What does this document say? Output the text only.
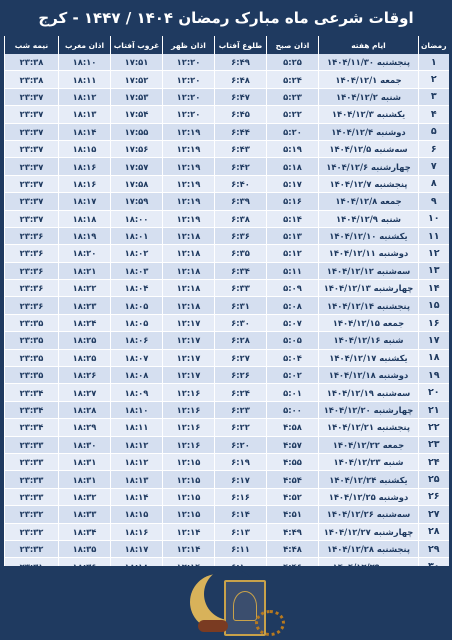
اوقات شرعی ماه مبارک رمضان ۱۴۰۴ / ۱۴۴۷ - کرج
رمضان	ایام هفته	اذان صبح	طلوع آفتاب	اذان ظهر	غروب آفتاب	اذان مغرب	نیمه شب
۱	پنجشنبه ۱۴۰۴/۱۱/۳۰	۵:۲۵	۶:۴۹	۱۲:۲۰	۱۷:۵۱	۱۸:۱۰	۲۳:۳۸
۲	جمعه ۱۴۰۴/۱۲/۱	۵:۲۴	۶:۴۸	۱۲:۲۰	۱۷:۵۲	۱۸:۱۱	۲۳:۳۸
۳	شنبه ۱۴۰۴/۱۲/۲	۵:۲۳	۶:۴۷	۱۲:۲۰	۱۷:۵۳	۱۸:۱۲	۲۳:۳۷
۴	یکشنبه ۱۴۰۴/۱۲/۳	۵:۲۲	۶:۴۵	۱۲:۲۰	۱۷:۵۴	۱۸:۱۳	۲۳:۳۷
۵	دوشنبه ۱۴۰۴/۱۲/۴	۵:۲۰	۶:۴۴	۱۲:۱۹	۱۷:۵۵	۱۸:۱۴	۲۳:۳۷
۶	سه‌شنبه ۱۴۰۴/۱۲/۵	۵:۱۹	۶:۴۳	۱۲:۱۹	۱۷:۵۶	۱۸:۱۵	۲۳:۳۷
۷	چهارشنبه ۱۴۰۴/۱۲/۶	۵:۱۸	۶:۴۲	۱۲:۱۹	۱۷:۵۷	۱۸:۱۶	۲۳:۳۷
۸	پنجشنبه ۱۴۰۴/۱۲/۷	۵:۱۷	۶:۴۰	۱۲:۱۹	۱۷:۵۸	۱۸:۱۶	۲۳:۳۷
۹	جمعه ۱۴۰۴/۱۲/۸	۵:۱۶	۶:۳۹	۱۲:۱۹	۱۷:۵۹	۱۸:۱۷	۲۳:۳۷
۱۰	شنبه ۱۴۰۴/۱۲/۹	۵:۱۴	۶:۳۸	۱۲:۱۹	۱۸:۰۰	۱۸:۱۸	۲۳:۳۷
۱۱	یکشنبه ۱۴۰۴/۱۲/۱۰	۵:۱۳	۶:۳۶	۱۲:۱۸	۱۸:۰۱	۱۸:۱۹	۲۳:۳۶
۱۲	دوشنبه ۱۴۰۴/۱۲/۱۱	۵:۱۲	۶:۳۵	۱۲:۱۸	۱۸:۰۲	۱۸:۲۰	۲۳:۳۶
۱۳	سه‌شنبه ۱۴۰۴/۱۲/۱۲	۵:۱۱	۶:۳۴	۱۲:۱۸	۱۸:۰۳	۱۸:۲۱	۲۳:۳۶
۱۴	چهارشنبه ۱۴۰۴/۱۲/۱۳	۵:۰۹	۶:۳۳	۱۲:۱۸	۱۸:۰۴	۱۸:۲۲	۲۳:۳۶
۱۵	پنجشنبه ۱۴۰۴/۱۲/۱۴	۵:۰۸	۶:۳۱	۱۲:۱۸	۱۸:۰۵	۱۸:۲۳	۲۳:۳۶
۱۶	جمعه ۱۴۰۴/۱۲/۱۵	۵:۰۷	۶:۳۰	۱۲:۱۷	۱۸:۰۵	۱۸:۲۴	۲۳:۳۵
۱۷	شنبه ۱۴۰۴/۱۲/۱۶	۵:۰۵	۶:۲۸	۱۲:۱۷	۱۸:۰۶	۱۸:۲۵	۲۳:۳۵
۱۸	یکشنبه ۱۴۰۴/۱۲/۱۷	۵:۰۴	۶:۲۷	۱۲:۱۷	۱۸:۰۷	۱۸:۲۵	۲۳:۳۵
۱۹	دوشنبه ۱۴۰۴/۱۲/۱۸	۵:۰۲	۶:۲۶	۱۲:۱۷	۱۸:۰۸	۱۸:۲۶	۲۳:۳۵
۲۰	سه‌شنبه ۱۴۰۴/۱۲/۱۹	۵:۰۱	۶:۲۴	۱۲:۱۶	۱۸:۰۹	۱۸:۲۷	۲۳:۳۴
۲۱	چهارشنبه ۱۴۰۴/۱۲/۲۰	۵:۰۰	۶:۲۳	۱۲:۱۶	۱۸:۱۰	۱۸:۲۸	۲۳:۳۴
۲۲	پنجشنبه ۱۴۰۴/۱۲/۲۱	۴:۵۸	۶:۲۲	۱۲:۱۶	۱۸:۱۱	۱۸:۲۹	۲۳:۳۴
۲۳	جمعه ۱۴۰۴/۱۲/۲۲	۴:۵۷	۶:۲۰	۱۲:۱۶	۱۸:۱۲	۱۸:۳۰	۲۳:۳۳
۲۴	شنبه ۱۴۰۴/۱۲/۲۳	۴:۵۵	۶:۱۹	۱۲:۱۵	۱۸:۱۲	۱۸:۳۱	۲۳:۳۳
۲۵	یکشنبه ۱۴۰۴/۱۲/۲۴	۴:۵۴	۶:۱۷	۱۲:۱۵	۱۸:۱۳	۱۸:۳۱	۲۳:۳۳
۲۶	دوشنبه ۱۴۰۴/۱۲/۲۵	۴:۵۲	۶:۱۶	۱۲:۱۵	۱۸:۱۴	۱۸:۳۲	۲۳:۳۳
۲۷	سه‌شنبه ۱۴۰۴/۱۲/۲۶	۴:۵۱	۶:۱۴	۱۲:۱۵	۱۸:۱۵	۱۸:۳۳	۲۳:۳۲
۲۸	چهارشنبه ۱۴۰۴/۱۲/۲۷	۴:۴۹	۶:۱۳	۱۲:۱۴	۱۸:۱۶	۱۸:۳۴	۲۳:۳۲
۲۹	پنجشنبه ۱۴۰۴/۱۲/۲۸	۴:۴۸	۶:۱۱	۱۲:۱۴	۱۸:۱۷	۱۸:۳۵	۲۳:۳۲
